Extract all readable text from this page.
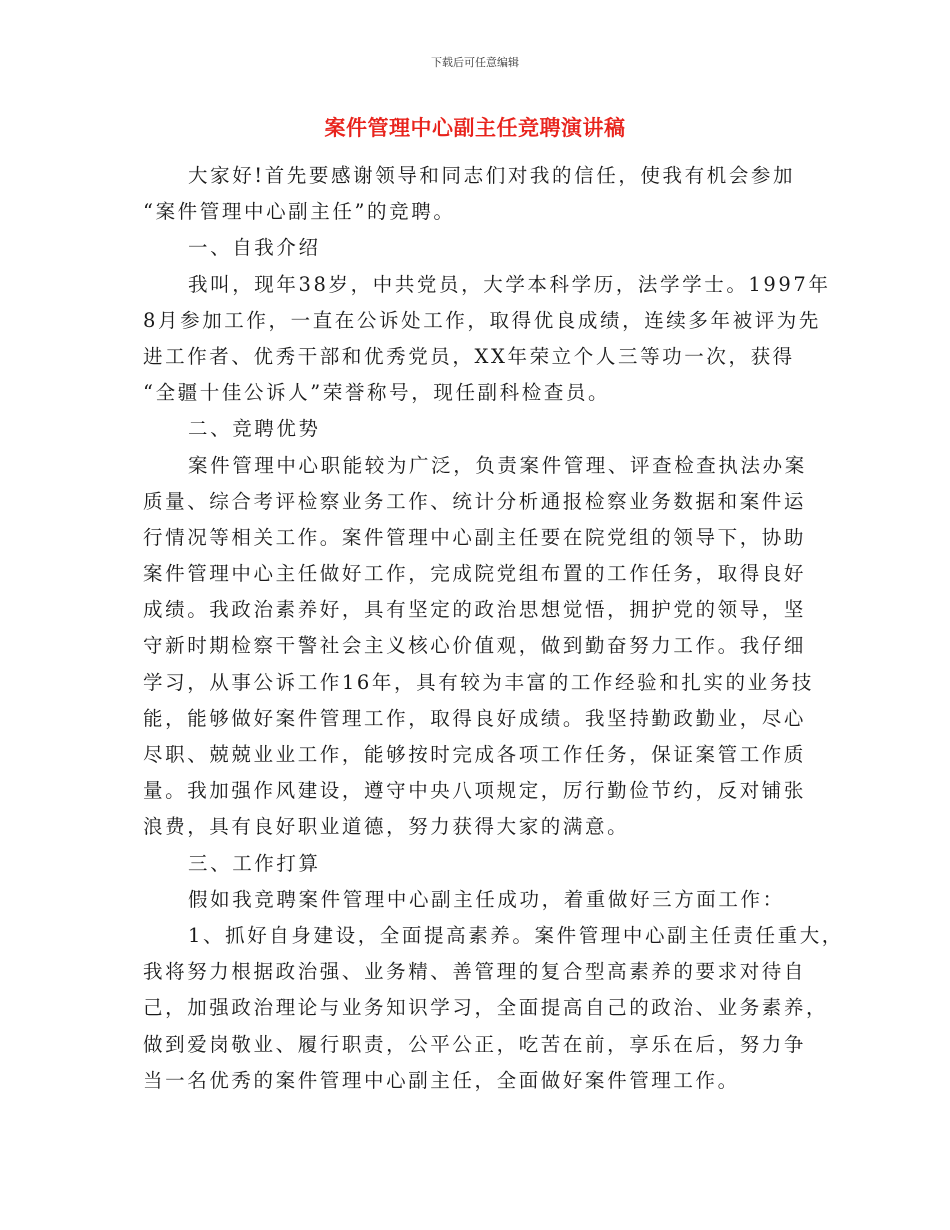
下载后可任意编辑
案件管理中心副主任竞聘演讲稿
大家好!首先要感谢领导和同志们对我的信任，使我有机会参加
“案件管理中心副主任”的竞聘。
一、自我介绍
我叫，现年38岁，中共党员，大学本科学历，法学学士。1997年
8月参加工作，一直在公诉处工作，取得优良成绩，连续多年被评为先
进工作者、优秀干部和优秀党员，XX年荣立个人三等功一次，获得
“全疆十佳公诉人”荣誉称号，现任副科检查员。
二、竞聘优势
案件管理中心职能较为广泛，负责案件管理、评查检查执法办案
质量、综合考评检察业务工作、统计分析通报检察业务数据和案件运
行情况等相关工作。案件管理中心副主任要在院党组的领导下，协助
案件管理中心主任做好工作，完成院党组布置的工作任务，取得良好
成绩。我政治素养好，具有坚定的政治思想觉悟，拥护党的领导，坚
守新时期检察干警社会主义核心价值观，做到勤奋努力工作。我仔细
学习，从事公诉工作16年，具有较为丰富的工作经验和扎实的业务技
能，能够做好案件管理工作，取得良好成绩。我坚持勤政勤业，尽心
尽职、兢兢业业工作，能够按时完成各项工作任务，保证案管工作质
量。我加强作风建设，遵守中央八项规定，厉行勤俭节约，反对铺张
浪费，具有良好职业道德，努力获得大家的满意。
三、工作打算
假如我竞聘案件管理中心副主任成功，着重做好三方面工作：
1、抓好自身建设，全面提高素养。案件管理中心副主任责任重大，
我将努力根据政治强、业务精、善管理的复合型高素养的要求对待自
己，加强政治理论与业务知识学习，全面提高自己的政治、业务素养，
做到爱岗敬业、履行职责，公平公正，吃苦在前，享乐在后，努力争
当一名优秀的案件管理中心副主任，全面做好案件管理工作。
